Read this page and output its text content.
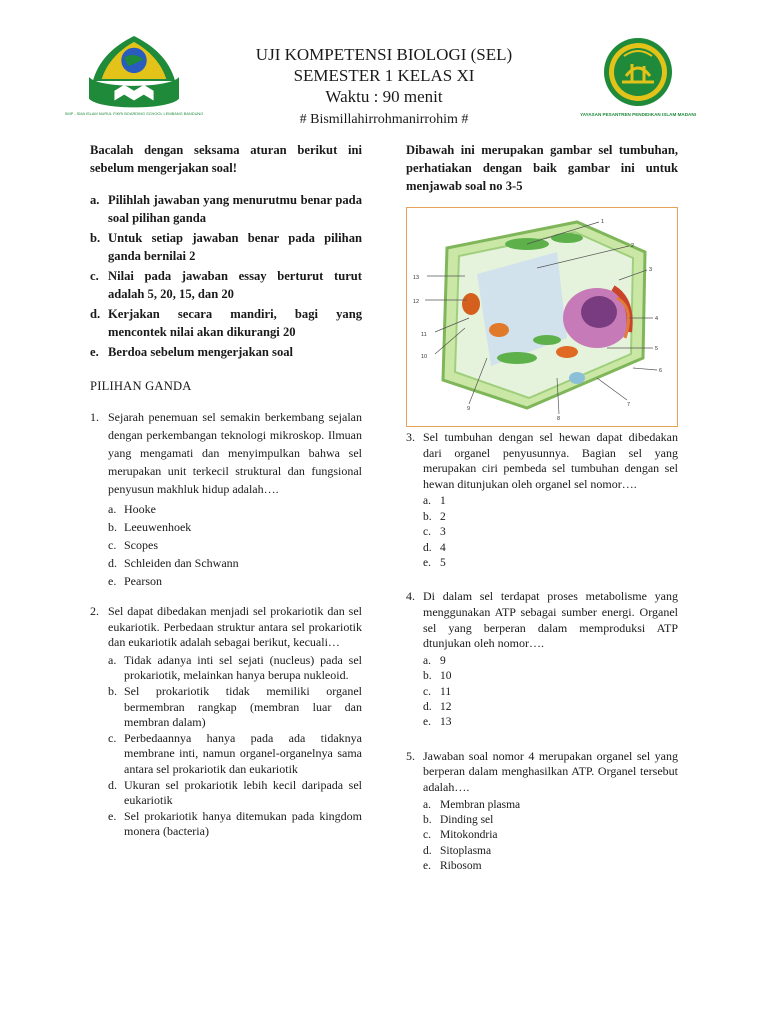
SMP - SMA ISLAM NURUL FIKRI BOARDING SCHOOL LEMBANG BANDUNG	YAYASAN PESANTREN PENDIDIKAN ISLAM MADANI
UJI KOMPETENSI BIOLOGI (SEL)
SEMESTER 1 KELAS XI
Waktu : 90 menit
# Bismillahirrohmanirrohim #
Bacalah dengan seksama aturan berikut ini sebelum mengerjakan soal!
a. Pilihlah jawaban yang menurutmu benar pada soal pilihan ganda
b. Untuk setiap jawaban benar pada pilihan ganda bernilai 2
c. Nilai pada jawaban essay berturut turut adalah 5, 20, 15, dan 20
d. Kerjakan secara mandiri, bagi yang mencontek nilai akan dikurangi 20
e. Berdoa sebelum mengerjakan soal
PILIHAN GANDA
1. Sejarah penemuan sel semakin berkembang sejalan dengan perkembangan teknologi mikroskop. Ilmuan yang mengamati dan menyimpulkan bahwa sel merupakan unit terkecil struktural dan fungsional penyusun makhluk hidup adalah….
a. Hooke
b. Leeuwenhoek
c. Scopes
d. Schleiden dan Schwann
e. Pearson
2. Sel dapat dibedakan menjadi sel prokariotik dan sel eukariotik. Perbedaan struktur antara sel prokariotik dan eukariotik adalah sebagai berikut, kecuali…
a. Tidak adanya inti sel sejati (nucleus) pada sel prokariotik, melainkan hanya berupa nukleoid.
b. Sel prokariotik tidak memiliki organel bermembran rangkap (membran luar dan membran dalam)
c. Perbedaannya hanya pada ada tidaknya membrane inti, namun organel-organelnya sama antara sel prokariotik dan eukariotik
d. Ukuran sel prokariotik lebih kecil daripada sel eukariotik
e. Sel prokariotik hanya ditemukan pada kingdom monera (bacteria)
Dibawah ini merupakan gambar sel tumbuhan, perhatiakan dengan baik gambar ini untuk menjawab soal no 3-5
1
2
3
4
5
6
7
8
9
10
11
12
13
3. Sel tumbuhan dengan sel hewan dapat dibedakan dari organel penyusunnya. Bagian sel yang merupakan ciri pembeda sel tumbuhan dengan sel hewan ditunjukan oleh organel sel nomor….
a. 1
b. 2
c. 3
d. 4
e. 5
4. Di dalam sel terdapat proses metabolisme yang menggunakan ATP sebagai sumber energi. Organel sel yang berperan dalam memproduksi ATP dtunjukan oleh nomor….
a. 9
b. 10
c. 11
d. 12
e. 13
5. Jawaban soal nomor 4 merupakan organel sel yang berperan dalam menghasilkan ATP. Organel tersebut adalah….
a. Membran plasma
b. Dinding sel
c. Mitokondria
d. Sitoplasma
e. Ribosom
